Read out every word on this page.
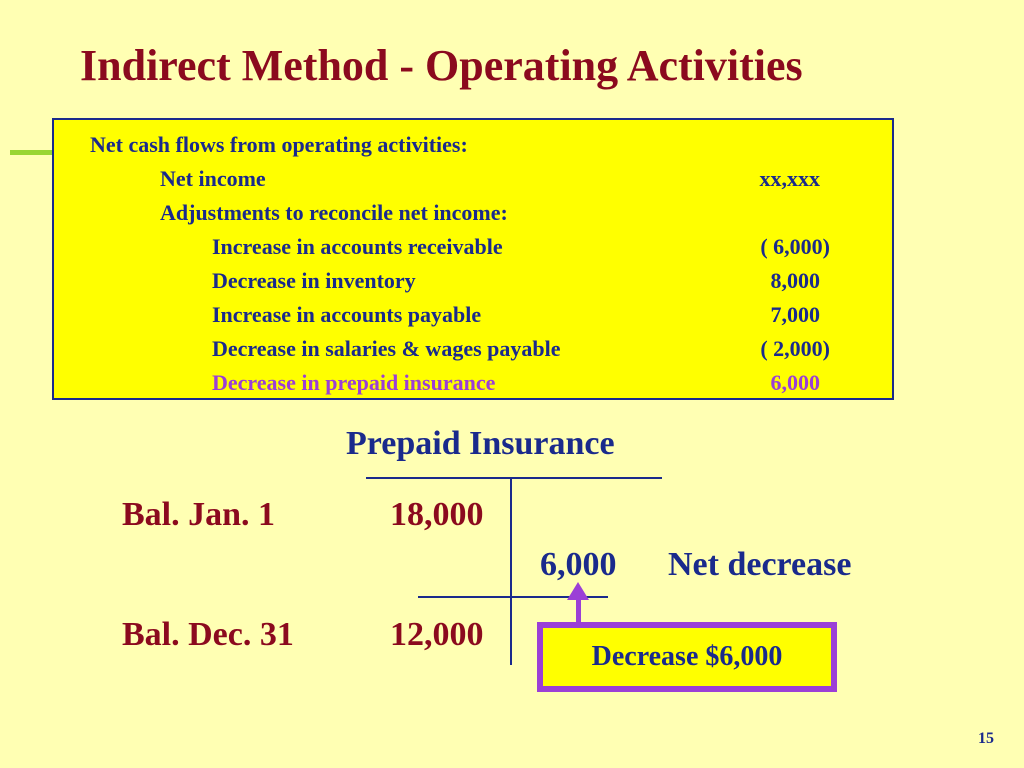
Indirect Method - Operating Activities
Net cash flows from operating activities:
Net income	xx,xxx
Adjustments to reconcile net income:
Increase in accounts receivable	( 6,000)
Decrease in inventory	8,000
Increase in accounts payable	7,000
Decrease in salaries & wages payable	( 2,000)
Decrease in prepaid insurance	6,000
Prepaid Insurance
Bal. Jan. 1	18,000
6,000 Net decrease
Bal. Dec. 31	12,000
Decrease $6,000
15
